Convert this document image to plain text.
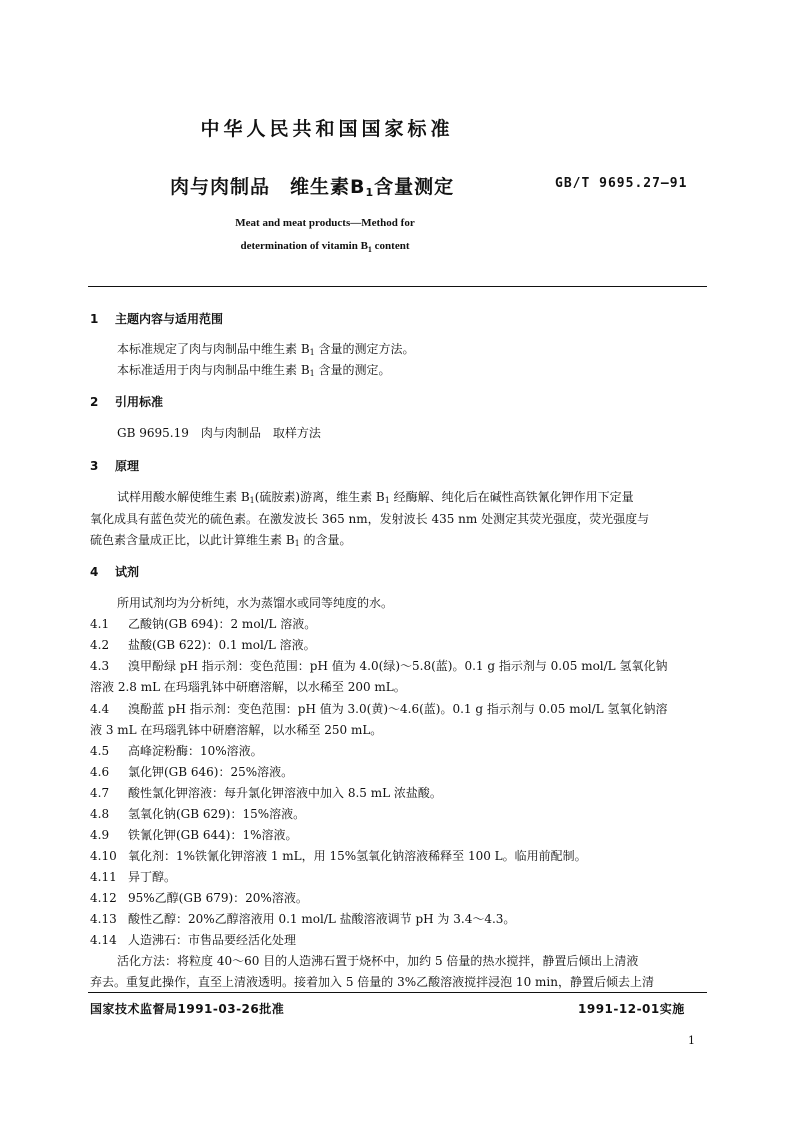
中华人民共和国国家标准
肉与肉制品　维生素$B_1$含量测定	GB/T 9695.27—91
Meat and meat products—Method for
determination of vitamin $B_1$ content
1 主题内容与适用范围
本标准规定了肉与肉制品中维生素 $B_1$ 含量的测定方法。
本标准适用于肉与肉制品中维生素 $B_1$ 含量的测定。
2 引用标准
GB 9695.19　肉与肉制品　取样方法
3 原理
试样用酸水解使维生素 $B_1$(硫胺素)游离，维生素 $B_1$ 经酶解、纯化后在碱性高铁氰化钾作用下定量
氧化成具有蓝色荧光的硫色素。在激发波长 365 nm，发射波长 435 nm 处测定其荧光强度，荧光强度与
硫色素含量成正比，以此计算维生素 $B_1$ 的含量。
4 试剂
所用试剂均为分析纯，水为蒸馏水或同等纯度的水。
4.1 乙酸钠(GB 694)：2 mol/L 溶液。
4.2 盐酸(GB 622)：0.1 mol/L 溶液。
4.3 溴甲酚绿 pH 指示剂：变色范围：pH 值为 4.0(绿)～5.8(蓝)。0.1 g 指示剂与 0.05 mol/L 氢氧化钠
溶液 2.8 mL 在玛瑙乳钵中研磨溶解，以水稀至 200 mL。
4.4 溴酚蓝 pH 指示剂：变色范围：pH 值为 3.0(黄)～4.6(蓝)。0.1 g 指示剂与 0.05 mol/L 氢氧化钠溶
液 3 mL 在玛瑙乳钵中研磨溶解，以水稀至 250 mL。
4.5 高峰淀粉酶：10%溶液。
4.6 氯化钾(GB 646)：25%溶液。
4.7 酸性氯化钾溶液：每升氯化钾溶液中加入 8.5 mL 浓盐酸。
4.8 氢氧化钠(GB 629)：15%溶液。
4.9 铁氰化钾(GB 644)：1%溶液。
4.10 氧化剂：1%铁氰化钾溶液 1 mL，用 15%氢氧化钠溶液稀释至 100 L。临用前配制。
4.11 异丁醇。
4.12 95%乙醇(GB 679)：20%溶液。
4.13 酸性乙醇：20%乙醇溶液用 0.1 mol/L 盐酸溶液调节 pH 为 3.4～4.3。
4.14 人造沸石：市售品要经活化处理
活化方法：将粒度 40～60 目的人造沸石置于烧杯中，加约 5 倍量的热水搅拌，静置后倾出上清液
弃去。重复此操作，直至上清液透明。接着加入 5 倍量的 3%乙酸溶液搅拌浸泡 10 min，静置后倾去上清
国家技术监督局1991-03-26批准	1991-12-01实施
1
